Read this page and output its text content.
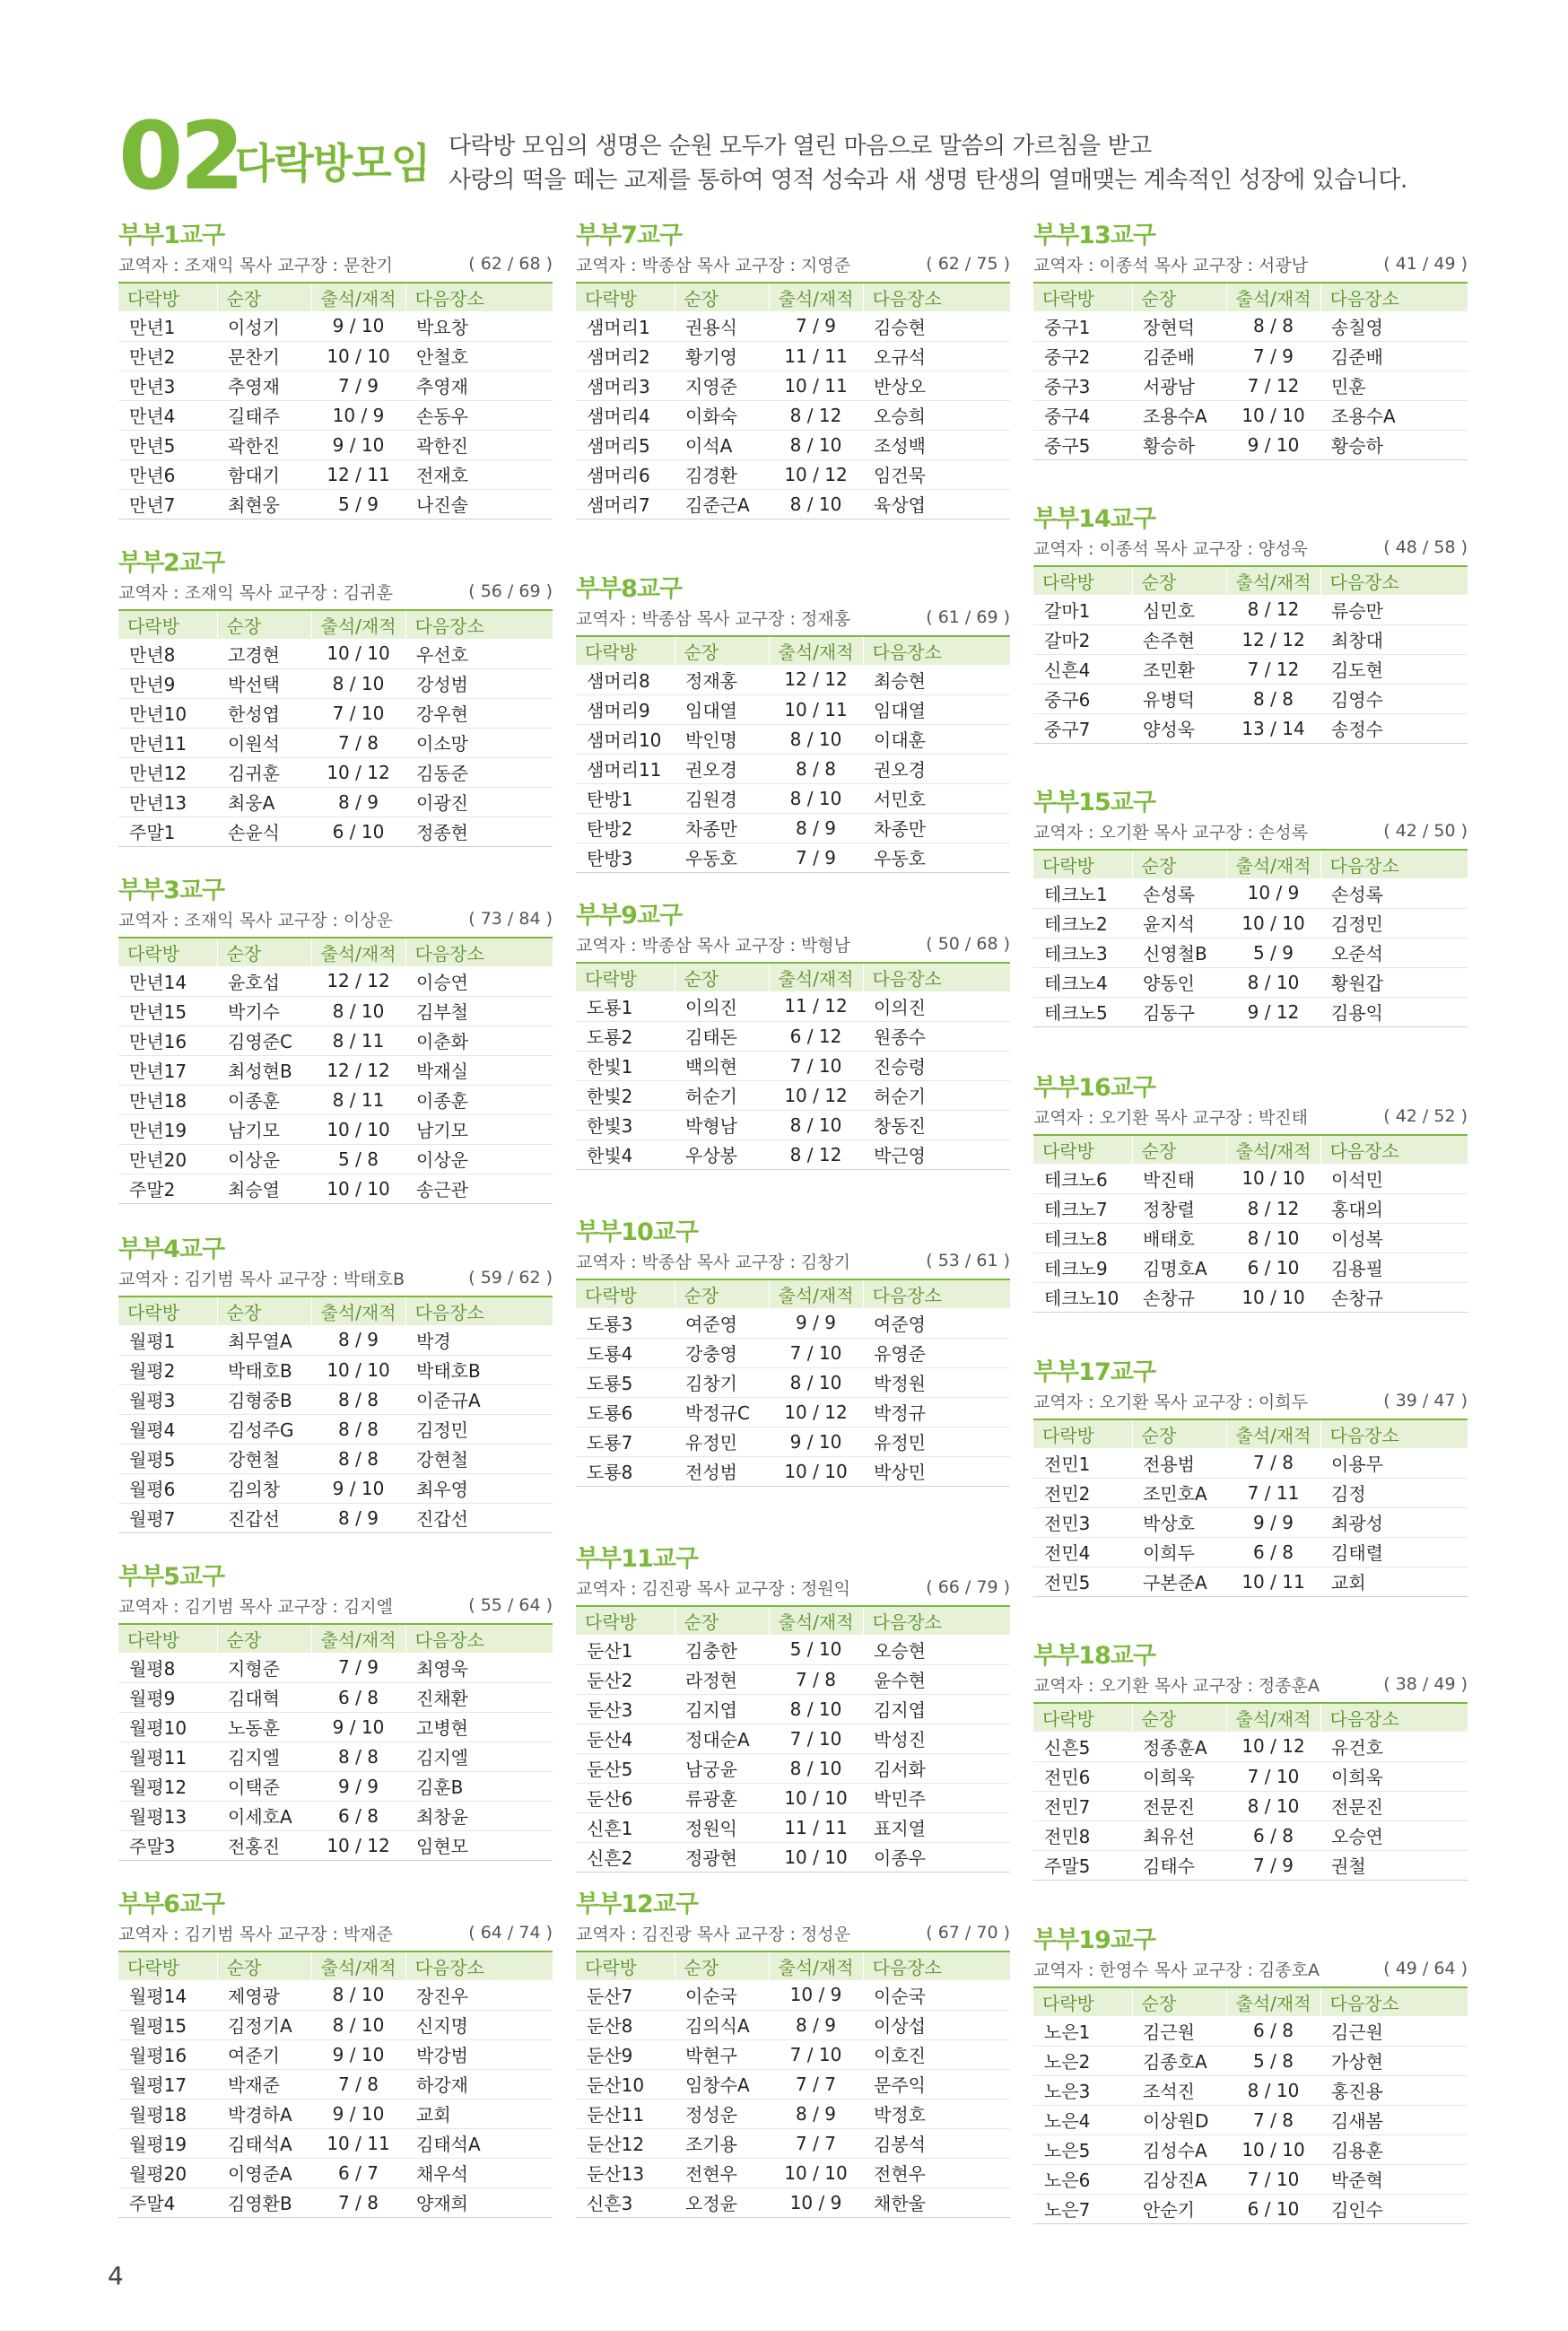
02
다락방모임 다락방 모임의 생명은 순원 모두가 열린 마음으로 말씀의 가르침을 받고
사랑의 떡을 떼는 교제를 통하여 영적 성숙과 새 생명 탄생의 열매맺는 계속적인 성장에 있습니다.
부부1교구
교역자 : 조재익 목사 교구장 : 문찬기	( 62 / 68 )
다락방	순장	출석/재적	다음장소
만년1	이성기	9 / 10	박요창
만년2	문찬기	10 / 10	안철호
만년3	추영재	7 / 9	추영재
만년4	길태주	10 / 9	손동우
만년5	곽한진	9 / 10	곽한진
만년6	함대기	12 / 11	전재호
만년7	최현웅	5 / 9	나진솔
부부2교구
교역자 : 조재익 목사 교구장 : 김귀훈	( 56 / 69 )
다락방	순장	출석/재적	다음장소
만년8	고경현	10 / 10	우선호
만년9	박선택	8 / 10	강성범
만년10	한성엽	7 / 10	강우현
만년11	이원석	7 / 8	이소망
만년12	김귀훈	10 / 12	김동준
만년13	최웅A	8 / 9	이광진
주말1	손윤식	6 / 10	정종현
부부3교구
교역자 : 조재익 목사 교구장 : 이상운	( 73 / 84 )
다락방	순장	출석/재적	다음장소
만년14	윤호섭	12 / 12	이승연
만년15	박기수	8 / 10	김부철
만년16	김영준C	8 / 11	이춘화
만년17	최성현B	12 / 12	박재실
만년18	이종훈	8 / 11	이종훈
만년19	남기모	10 / 10	남기모
만년20	이상운	5 / 8	이상운
주말2	최승열	10 / 10	송근관
부부4교구
교역자 : 김기범 목사 교구장 : 박태호B	( 59 / 62 )
다락방	순장	출석/재적	다음장소
월평1	최무열A	8 / 9	박경
월평2	박태호B	10 / 10	박태호B
월평3	김형중B	8 / 8	이준규A
월평4	김성주G	8 / 8	김정민
월평5	강현철	8 / 8	강현철
월평6	김의창	9 / 10	최우영
월평7	진갑선	8 / 9	진갑선
부부5교구
교역자 : 김기범 목사 교구장 : 김지엘	( 55 / 64 )
다락방	순장	출석/재적	다음장소
월평8	지형준	7 / 9	최영욱
월평9	김대혁	6 / 8	진채환
월평10	노동훈	9 / 10	고병현
월평11	김지엘	8 / 8	김지엘
월평12	이택준	9 / 9	김훈B
월평13	이세호A	6 / 8	최창윤
주말3	전홍진	10 / 12	임현모
부부6교구
교역자 : 김기범 목사 교구장 : 박재준	( 64 / 74 )
다락방	순장	출석/재적	다음장소
월평14	제영광	8 / 10	장진우
월평15	김정기A	8 / 10	신지명
월평16	여준기	9 / 10	박강범
월평17	박재준	7 / 8	하강재
월평18	박경하A	9 / 10	교회
월평19	김태석A	10 / 11	김태석A
월평20	이영준A	6 / 7	채우석
주말4	김영환B	7 / 8	양재희
부부7교구
교역자 : 박종삼 목사 교구장 : 지영준	( 62 / 75 )
다락방	순장	출석/재적	다음장소
샘머리1	권용식	7 / 9	김승현
샘머리2	황기영	11 / 11	오규석
샘머리3	지영준	10 / 11	반상오
샘머리4	이화숙	8 / 12	오승희
샘머리5	이석A	8 / 10	조성백
샘머리6	김경환	10 / 12	임건묵
샘머리7	김준근A	8 / 10	육상엽
부부8교구
교역자 : 박종삼 목사 교구장 : 정재홍	( 61 / 69 )
다락방	순장	출석/재적	다음장소
샘머리8	정재홍	12 / 12	최승현
샘머리9	임대열	10 / 11	임대열
샘머리10	박인명	8 / 10	이대훈
샘머리11	권오경	8 / 8	권오경
탄방1	김원경	8 / 10	서민호
탄방2	차종만	8 / 9	차종만
탄방3	우동호	7 / 9	우동호
부부9교구
교역자 : 박종삼 목사 교구장 : 박형남	( 50 / 68 )
다락방	순장	출석/재적	다음장소
도룡1	이의진	11 / 12	이의진
도룡2	김태돈	6 / 12	원종수
한빛1	백의현	7 / 10	진승령
한빛2	허순기	10 / 12	허순기
한빛3	박형남	8 / 10	창동진
한빛4	우상봉	8 / 12	박근영
부부10교구
교역자 : 박종삼 목사 교구장 : 김창기	( 53 / 61 )
다락방	순장	출석/재적	다음장소
도룡3	여준영	9 / 9	여준영
도룡4	강충영	7 / 10	유영준
도룡5	김창기	8 / 10	박정원
도룡6	박정규C	10 / 12	박정규
도룡7	유정민	9 / 10	유정민
도룡8	전성범	10 / 10	박상민
부부11교구
교역자 : 김진광 목사 교구장 : 정원익	( 66 / 79 )
다락방	순장	출석/재적	다음장소
둔산1	김충한	5 / 10	오승현
둔산2	라정현	7 / 8	윤수현
둔산3	김지엽	8 / 10	김지엽
둔산4	정대순A	7 / 10	박성진
둔산5	남궁윤	8 / 10	김서화
둔산6	류광훈	10 / 10	박민주
신흔1	정원익	11 / 11	표지열
신흔2	정광현	10 / 10	이종우
부부12교구
교역자 : 김진광 목사 교구장 : 정성운	( 67 / 70 )
다락방	순장	출석/재적	다음장소
둔산7	이순국	10 / 9	이순국
둔산8	김의식A	8 / 9	이상섭
둔산9	박현구	7 / 10	이호진
둔산10	임창수A	7 / 7	문주익
둔산11	정성운	8 / 9	박정호
둔산12	조기용	7 / 7	김봉석
둔산13	전현우	10 / 10	전현우
신흔3	오정윤	10 / 9	채한울
부부13교구
교역자 : 이종석 목사 교구장 : 서광남	( 41 / 49 )
다락방	순장	출석/재적	다음장소
중구1	장현덕	8 / 8	송칠영
중구2	김준배	7 / 9	김준배
중구3	서광남	7 / 12	민훈
중구4	조용수A	10 / 10	조용수A
중구5	황승하	9 / 10	황승하
부부14교구
교역자 : 이종석 목사 교구장 : 양성욱	( 48 / 58 )
다락방	순장	출석/재적	다음장소
갈마1	심민호	8 / 12	류승만
갈마2	손주현	12 / 12	최창대
신흔4	조민환	7 / 12	김도현
중구6	유병덕	8 / 8	김영수
중구7	양성욱	13 / 14	송정수
부부15교구
교역자 : 오기환 목사 교구장 : 손성록	( 42 / 50 )
다락방	순장	출석/재적	다음장소
테크노1	손성록	10 / 9	손성록
테크노2	윤지석	10 / 10	김정민
테크노3	신영철B	5 / 9	오준석
테크노4	양동인	8 / 10	황원갑
테크노5	김동구	9 / 12	김용익
부부16교구
교역자 : 오기환 목사 교구장 : 박진태	( 42 / 52 )
다락방	순장	출석/재적	다음장소
테크노6	박진태	10 / 10	이석민
테크노7	정창렬	8 / 12	홍대의
테크노8	배태호	8 / 10	이성복
테크노9	김명호A	6 / 10	김용필
테크노10	손창규	10 / 10	손창규
부부17교구
교역자 : 오기환 목사 교구장 : 이희두	( 39 / 47 )
다락방	순장	출석/재적	다음장소
전민1	전용범	7 / 8	이용무
전민2	조민호A	7 / 11	김정
전민3	박상호	9 / 9	최광성
전민4	이희두	6 / 8	김태렬
전민5	구본준A	10 / 11	교회
부부18교구
교역자 : 오기환 목사 교구장 : 정종훈A	( 38 / 49 )
다락방	순장	출석/재적	다음장소
신흔5	정종훈A	10 / 12	유건호
전민6	이희욱	7 / 10	이희욱
전민7	전문진	8 / 10	전문진
전민8	최유선	6 / 8	오승연
주말5	김태수	7 / 9	권철
부부19교구
교역자 : 한영수 목사 교구장 : 김종호A	( 49 / 64 )
다락방	순장	출석/재적	다음장소
노은1	김근원	6 / 8	김근원
노은2	김종호A	5 / 8	가상현
노은3	조석진	8 / 10	홍진용
노은4	이상원D	7 / 8	김새봄
노은5	김성수A	10 / 10	김용훈
노은6	김상진A	7 / 10	박준혁
노은7	안순기	6 / 10	김인수
4
